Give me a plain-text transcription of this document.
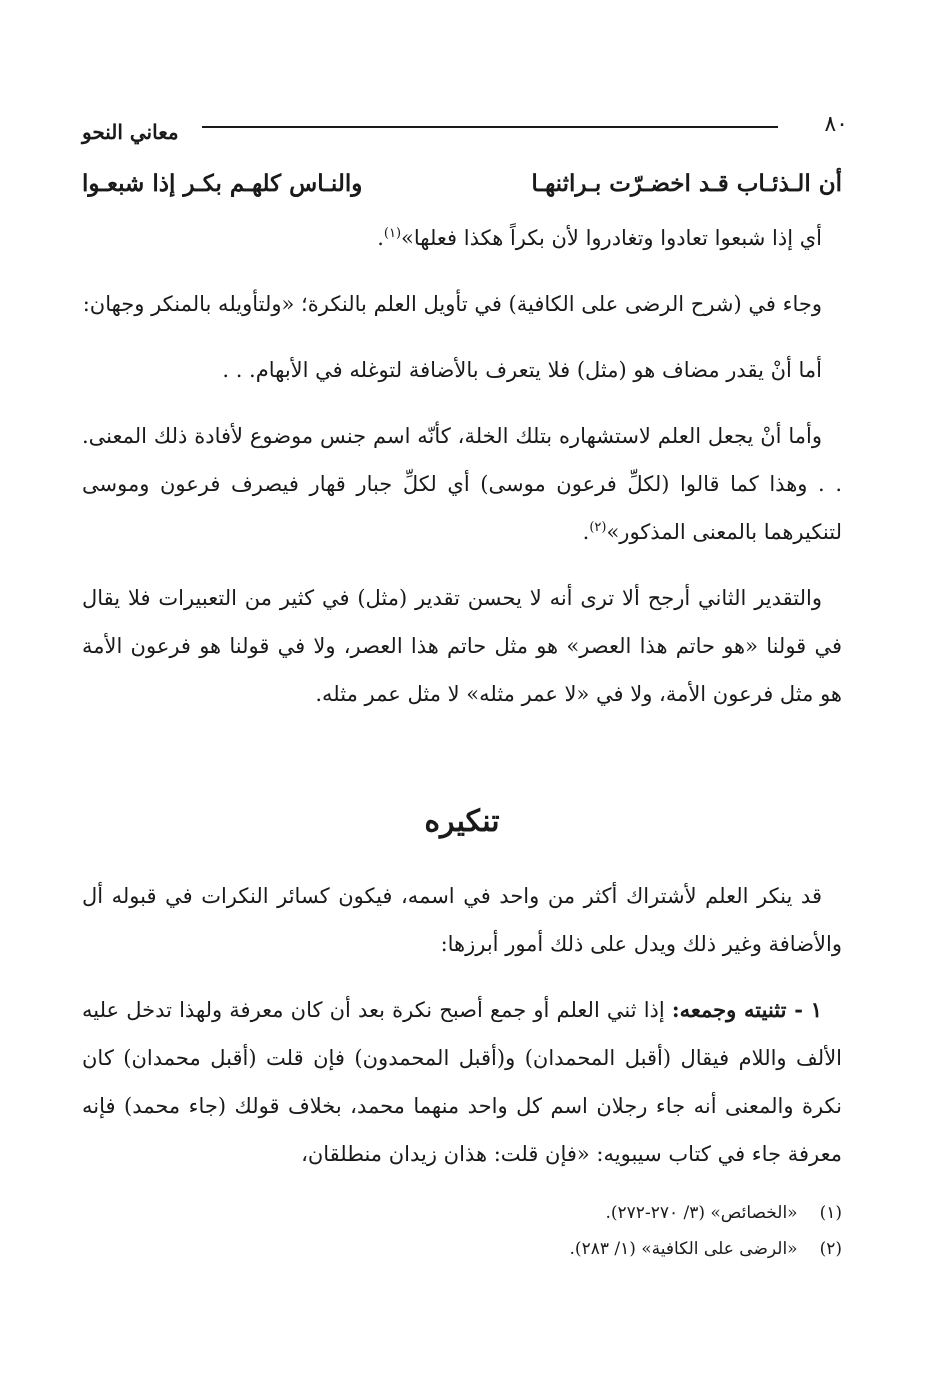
٨٠
معاني النحو
أن الـذئـاب قـد اخضـرّت بـراثنهـا
والنـاس كلهـم بكـر إذا شبعـوا

أي إذا شبعوا تعادوا وتغادروا لأن بكراً هكذا فعلها»$^{(١)}$.

وجاء في (شرح الرضى على الكافية) في تأويل العلم بالنكرة؛ «ولتأويله بالمنكر وجهان:

أما أنْ يقدر مضاف هو (مثل) فلا يتعرف بالأضافة لتوغله في الأبهام. . .

وأما أنْ يجعل العلم لاستشهاره بتلك الخلة، كأنّه اسم جنس موضوع لأفادة ذلك المعنى. . . وهذا كما قالوا (لكلِّ فرعون موسى) أي لكلِّ جبار قهار فيصرف فرعون وموسى لتنكيرهما بالمعنى المذكور»$^{(٢)}$.

والتقدير الثاني أرجح ألا ترى أنه لا يحسن تقدير (مثل) في كثير من التعبيرات فلا يقال في قولنا «هو حاتم هذا العصر» هو مثل حاتم هذا العصر، ولا في قولنا هو فرعون الأمة هو مثل فرعون الأمة، ولا في «لا عمر مثله» لا مثل عمر مثله.

تنكيره

قد ينكر العلم لأشتراك أكثر من واحد في اسمه، فيكون كسائر النكرات في قبوله أل والأضافة وغير ذلك ويدل على ذلك أمور أبرزها:

١ - تثنيته وجمعه: إذا ثني العلم أو جمع أصبح نكرة بعد أن كان معرفة ولهذا تدخل عليه الألف واللام فيقال (أقبل المحمدان) و(أقبل المحمدون) فإن قلت (أقبل محمدان) كان نكرة والمعنى أنه جاء رجلان اسم كل واحد منهما محمد، بخلاف قولك (جاء محمد) فإنه معرفة جاء في كتاب سيبويه: «فإن قلت: هذان زيدان منطلقان،

(١)
«الخصائص» (٣/ ٢٧٠-٢٧٢).
(٢)
«الرضى على الكافية» (١/ ٢٨٣).
